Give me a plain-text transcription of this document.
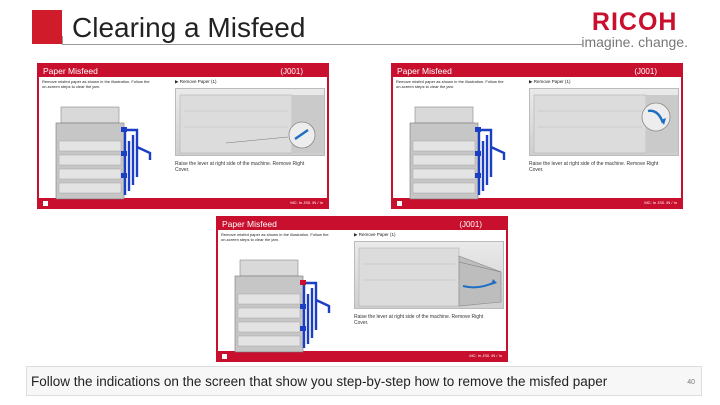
Clearing a Misfeed	RICOH
imagine. change.
Paper Misfeed	(J001)
Remove misfed paper as shown in the illustration. Follow the on-screen steps to clear the jam.
▶ Remove Paper (1)
Raise the lever at right side of the machine. Remove Right Cover.
MC: In JS0. IN / In
Paper Misfeed	(J001)
Remove misfed paper as shown in the illustration. Follow the on-screen steps to clear the jam.
▶ Remove Paper (1)
Raise the lever at right side of the machine. Remove Right Cover.
MC: In JS0. IN / In
Paper Misfeed	(J001)
Remove misfed paper as shown in the illustration. Follow the on-screen steps to clear the jam.
▶ Remove Paper (1)
Raise the lever at right side of the machine. Remove Right Cover.
MC: In JS0. IN / In
Follow the indications on the screen that show you step-by-step how to remove the misfed paper	40
